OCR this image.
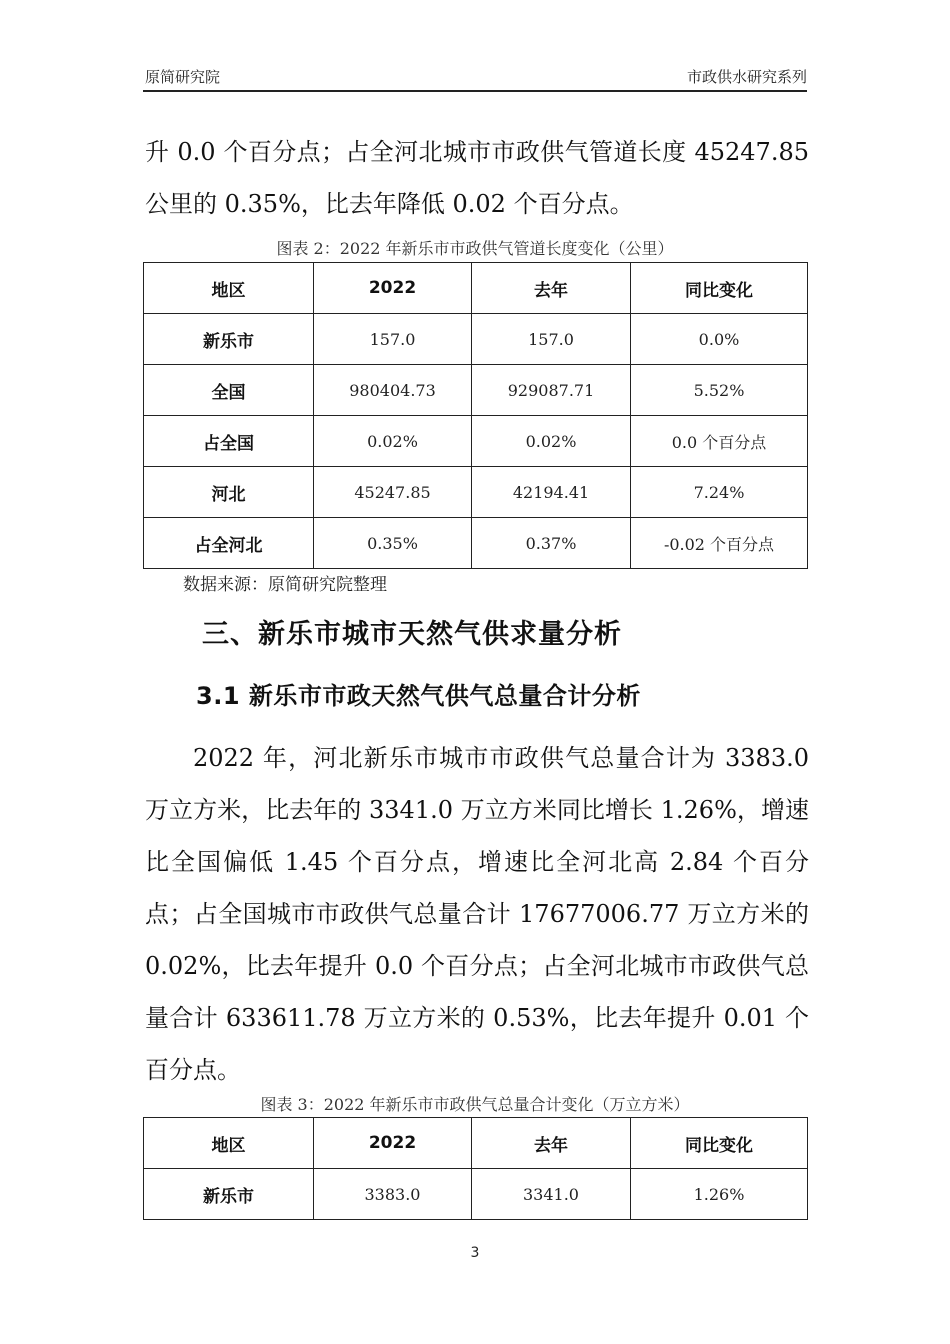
原简研究院	市政供水研究系列
升 0.0 个百分点；占全河北城市市政供气管道长度 45247.85 公里的 0.35%，比去年降低 0.02 个百分点。
图表 2：2022 年新乐市市政供气管道长度变化（公里）
地区	2022	去年	同比变化
新乐市	157.0	157.0	0.0%
全国	980404.73	929087.71	5.52%
占全国	0.02%	0.02%	0.0 个百分点
河北	45247.85	42194.41	7.24%
占全河北	0.35%	0.37%	-0.02 个百分点
数据来源：原简研究院整理
三、新乐市城市天然气供求量分析
3.1 新乐市市政天然气供气总量合计分析
2022 年，河北新乐市城市市政供气总量合计为 3383.0 万立方米，比去年的 3341.0 万立方米同比增长 1.26%，增速比全国偏低 1.45 个百分点，增速比全河北高 2.84 个百分点；占全国城市市政供气总量合计 17677006.77 万立方米的 0.02%，比去年提升 0.0 个百分点；占全河北城市市政供气总量合计 633611.78 万立方米的 0.53%，比去年提升 0.01 个百分点。
图表 3：2022 年新乐市市政供气总量合计变化（万立方米）
地区	2022	去年	同比变化
新乐市	3383.0	3341.0	1.26%
3
